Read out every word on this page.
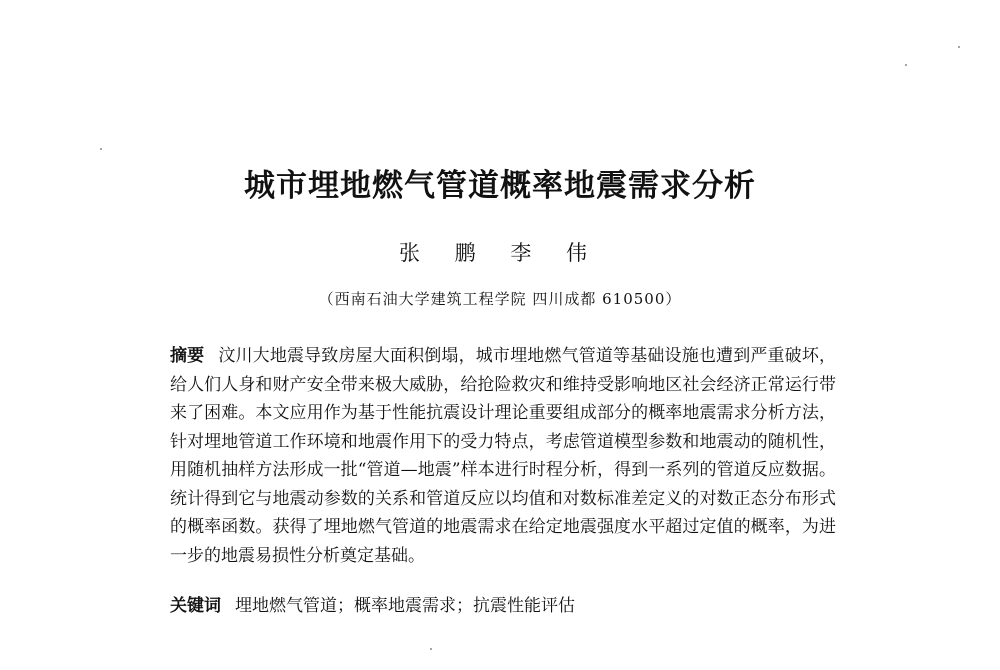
城市埋地燃气管道概率地震需求分析
张 鹏 李 伟
（西南石油大学建筑工程学院 四川成都 610500）
摘要 汶川大地震导致房屋大面积倒塌，城市埋地燃气管道等基础设施也遭到严重破坏，给人们人身和财产安全带来极大威胁，给抢险救灾和维持受影响地区社会经济正常运行带来了困难。本文应用作为基于性能抗震设计理论重要组成部分的概率地震需求分析方法，针对埋地管道工作环境和地震作用下的受力特点，考虑管道模型参数和地震动的随机性，用随机抽样方法形成一批“管道—地震”样本进行时程分析，得到一系列的管道反应数据。统计得到它与地震动参数的关系和管道反应以均值和对数标准差定义的对数正态分布形式的概率函数。获得了埋地燃气管道的地震需求在给定地震强度水平超过定值的概率，为进一步的地震易损性分析奠定基础。
关键词 埋地燃气管道；概率地震需求；抗震性能评估
